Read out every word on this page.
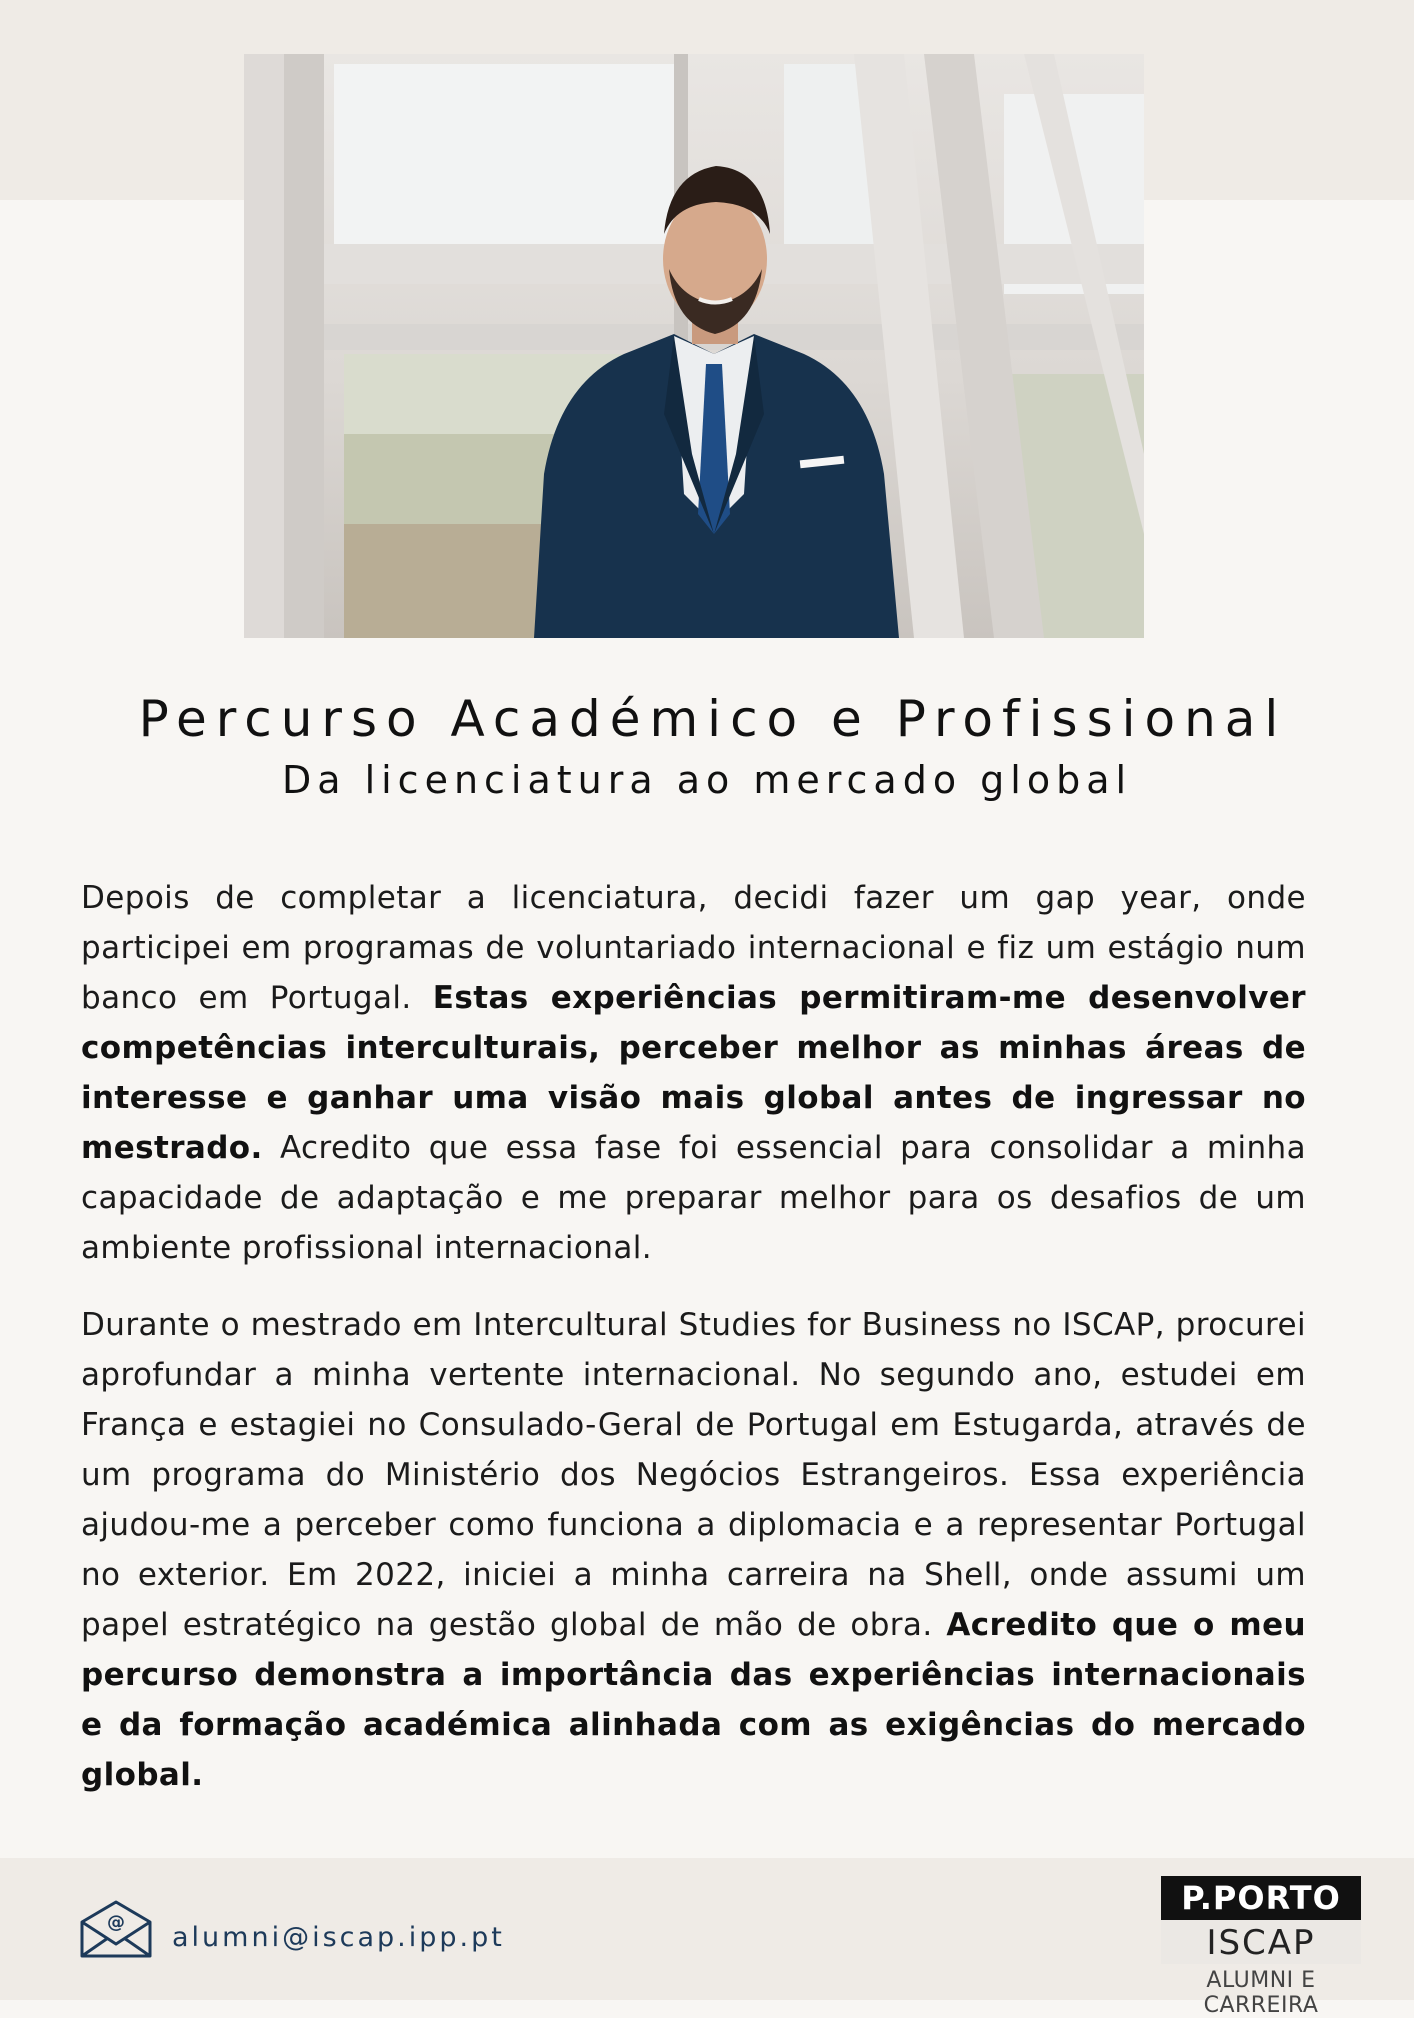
Percurso Académico e Profissional
Da licenciatura ao mercado global

Depois de completar a licenciatura, decidi fazer um gap year, onde participei em programas de voluntariado internacional e fiz um estágio num banco em Portugal. Estas experiências permitiram-me desenvolver competências interculturais, perceber melhor as minhas áreas de interesse e ganhar uma visão mais global antes de ingressar no mestrado. Acredito que essa fase foi essencial para consolidar a minha capacidade de adaptação e me preparar melhor para os desafios de um ambiente profissional internacional.

Durante o mestrado em Intercultural Studies for Business no ISCAP, procurei aprofundar a minha vertente internacional. No segundo ano, estudei em França e estagiei no Consulado-Geral de Portugal em Estugarda, através de um programa do Ministério dos Negócios Estrangeiros. Essa experiência ajudou-me a perceber como funciona a diplomacia e a representar Portugal no exterior. Em 2022, iniciei a minha carreira na Shell, onde assumi um papel estratégico na gestão global de mão de obra. Acredito que o meu percurso demonstra a importância das experiências internacionais e da formação académica alinhada com as exigências do mercado global.

@ alumni@iscap.ipp.pt
P.PORTO
ISCAP
ALUMNI E CARREIRA
